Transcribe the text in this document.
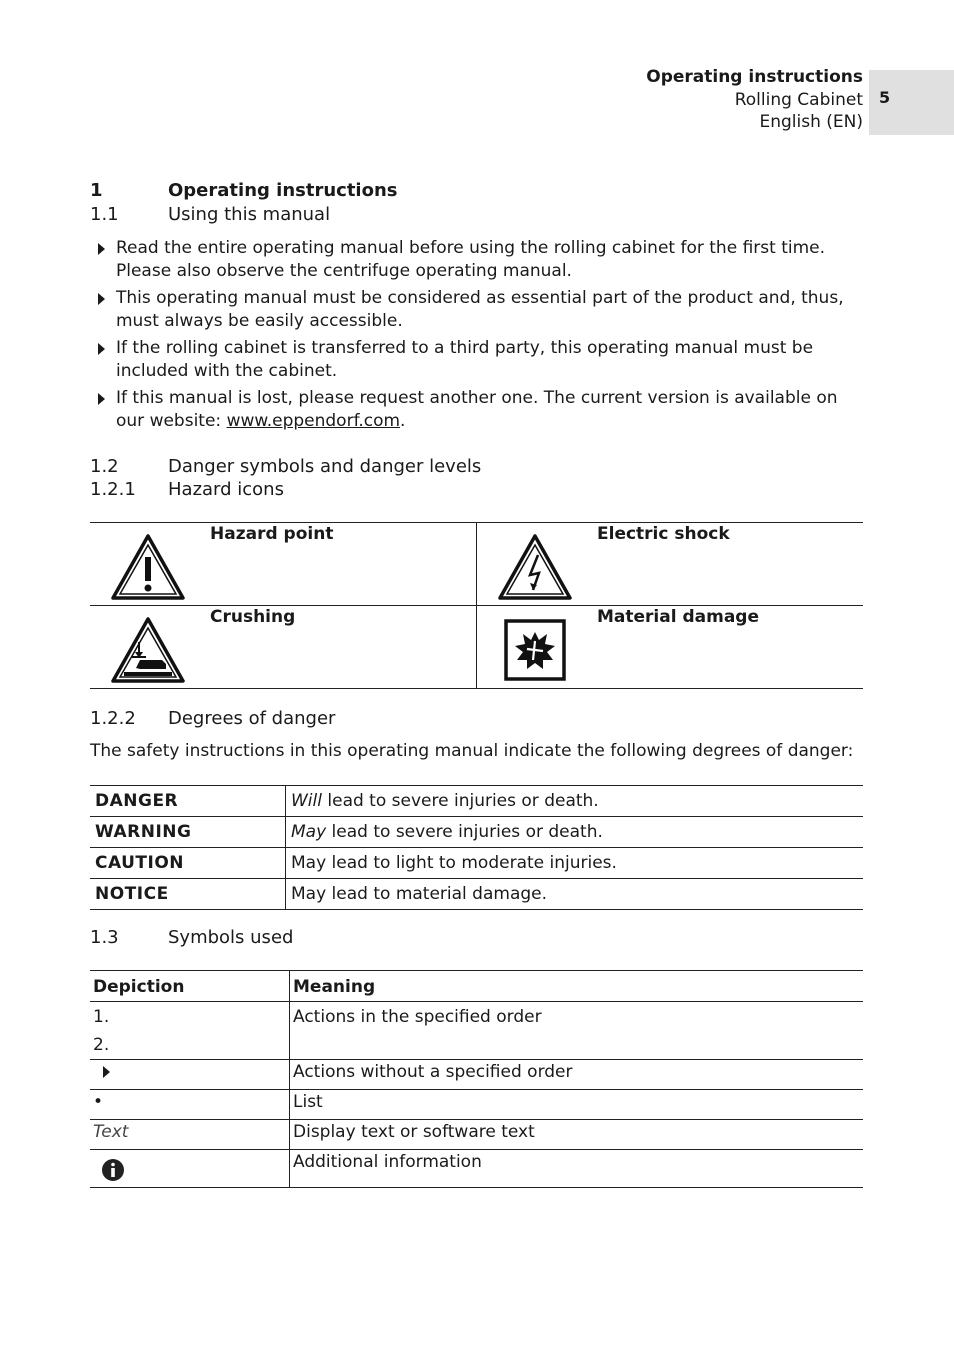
Operating instructions
Rolling Cabinet
English (EN)
5
1	Operating instructions
1.1	Using this manual
Read the entire operating manual before using the rolling cabinet for the first time. Please also observe the centrifuge operating manual.
This operating manual must be considered as essential part of the product and, thus, must always be easily accessible.
If the rolling cabinet is transferred to a third party, this operating manual must be included with the cabinet.
If this manual is lost, please request another one. The current version is available on our website: www.eppendorf.com.
1.2	Danger symbols and danger levels
1.2.1 Hazard icons
Hazard point	Electric shock

Crushing	Material damage
1.2.2 Degrees of danger
The safety instructions in this operating manual indicate the following degrees of danger:
DANGER	Will lead to severe injuries or death.
WARNING	May lead to severe injuries or death.
CAUTION	May lead to light to moderate injuries.
NOTICE	May lead to material damage.
1.3	Symbols used
Depiction	Meaning

1.
2.	Actions in the specified order
	Actions without a specified order
•	List
Text	Display text or software text
	Additional information
